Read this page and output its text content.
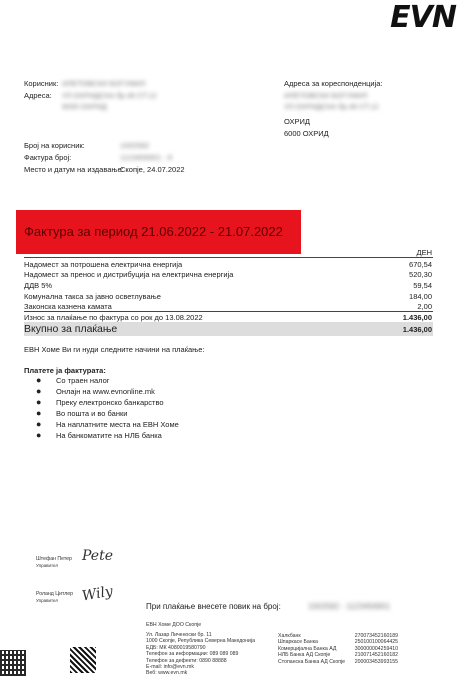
EVN
Корисник: ИЛЕТОВСКИ БОГУМИЛ
Адреса: УЛ.ОХРИДСКА бр.46 СТ.12
6000 ОХРИД
Адреса за кореспонденција:
ИЛЕТОВСКИ БОГУМИЛ
УЛ.ОХРИДСКА бр.46 СТ.12
ОХРИД
6000 ОХРИД
Број на корисник:	1002582
Фактура број:	1123456901 - 8
Место и датум на издавање:
Скопје, 24.07.2022
Фактура за период 21.06.2022 - 21.07.2022
ДЕН
Надомест за потрошена електрична енергија	670,54
Надомест за пренос и дистрибуција на електрична енергија	520,30
ДДВ 5%	59,54
Комунална такса за јавно осветлување	184,00
Законска казнена камата	2,00
Износ за плаќање по фактура со рок до 13.08.2022	1.436,00
Вкупно за плаќање	1.436,00
ЕВН Хоме Ви ги нуди следните начини на плаќање:
Платете ја фактурата:
●	Со траен налог
●	Онлајн на www.evnonline.mk
●	Преку електронско банкарство
●	Во пошта и во банки
●	На наплатните места на ЕВН Хоме
●	На банкоматите на НЛБ банка
Штефан Петер
Управител
Pete
Роланд Цитлер
Управител Wily
При плаќање внесете повик на број:	1002582 - 1123456901
ЕВН Хоме ДОО Скопје
Ул. Лазар Личеноски бр. 11
1000 Скопје, Република Северна Македонија
ЕДБ: МК 4080019580790
Телефон за информации: 089 089 089
Телефон за дефекти: 0890 88888
E-mail: info@evn.mk
Веб: www.evn.mk
Халкбанк	270073452160189
Шпаркасе Банка	250100100064425
Комерцијална Банка АД	300000004259410
НЛБ Банка АД Скопје	210071452160182
Стопанска Банка АД Скопје 200003453993155
